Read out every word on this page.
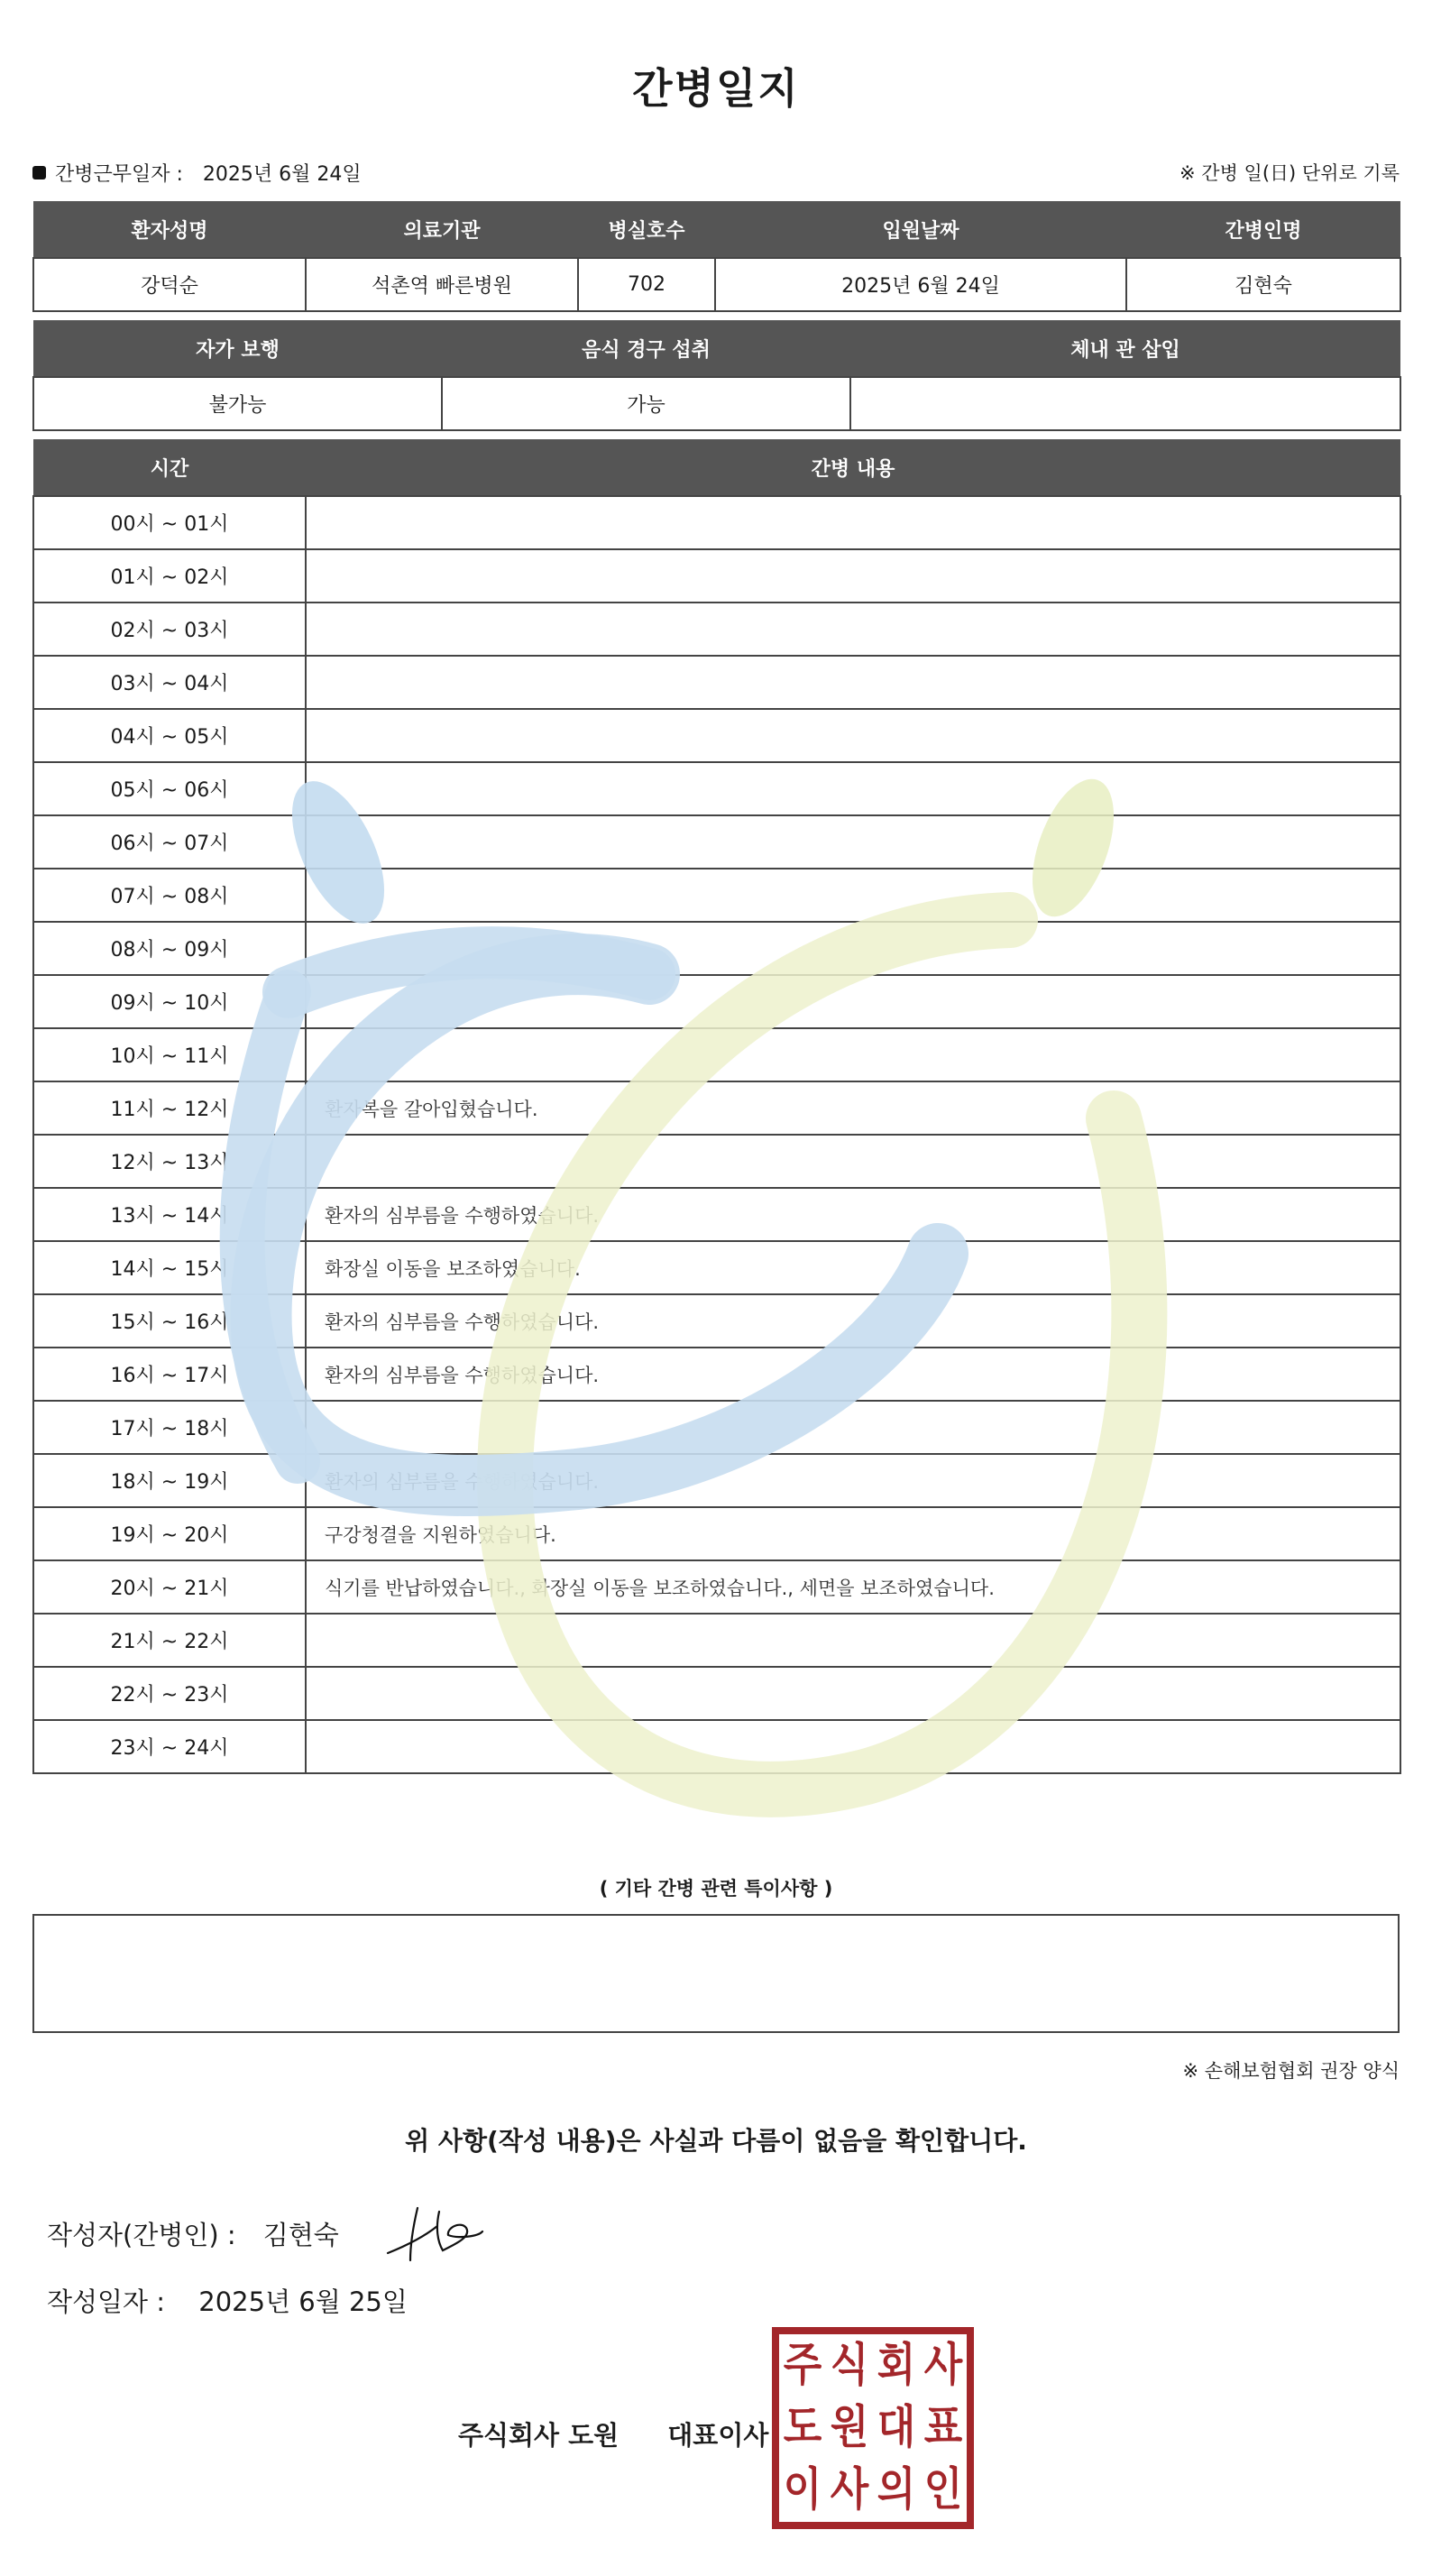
간병일지
간병근무일자 : 2025년 6월 24일	※ 간병 일(日) 단위로 기록
환자성명	의료기관	병실호수	입원날짜	간병인명
강덕순	석촌역 빠른병원	702	2025년 6월 24일	김현숙
자가 보행	음식 경구 섭취	체내 관 삽입
불가능	가능	
시간	간병 내용
00시 ~ 01시	
01시 ~ 02시	
02시 ~ 03시	
03시 ~ 04시	
04시 ~ 05시	
05시 ~ 06시	
06시 ~ 07시	
07시 ~ 08시	
08시 ~ 09시	
09시 ~ 10시	
10시 ~ 11시	
11시 ~ 12시	환자복을 갈아입혔습니다.
12시 ~ 13시	
13시 ~ 14시	환자의 심부름을 수행하였습니다.
14시 ~ 15시	화장실 이동을 보조하였습니다.
15시 ~ 16시	환자의 심부름을 수행하였습니다.
16시 ~ 17시	환자의 심부름을 수행하였습니다.
17시 ~ 18시	
18시 ~ 19시	환자의 심부름을 수행하였습니다.
19시 ~ 20시	구강청결을 지원하였습니다.
20시 ~ 21시	식기를 반납하였습니다., 화장실 이동을 보조하였습니다., 세면을 보조하였습니다.
21시 ~ 22시	
22시 ~ 23시	
23시 ~ 24시	
( 기타 간병 관련 특이사항 )
※ 손해보험협회 권장 양식
위 사항(작성 내용)은 사실과 다름이 없음을 확인합니다.
작성자(간병인) : 김현숙
작성일자 : 2025년 6월 25일
주식회사 도원 대표이사
주 식 회 사
도 원 대 표
이 사 의 인
